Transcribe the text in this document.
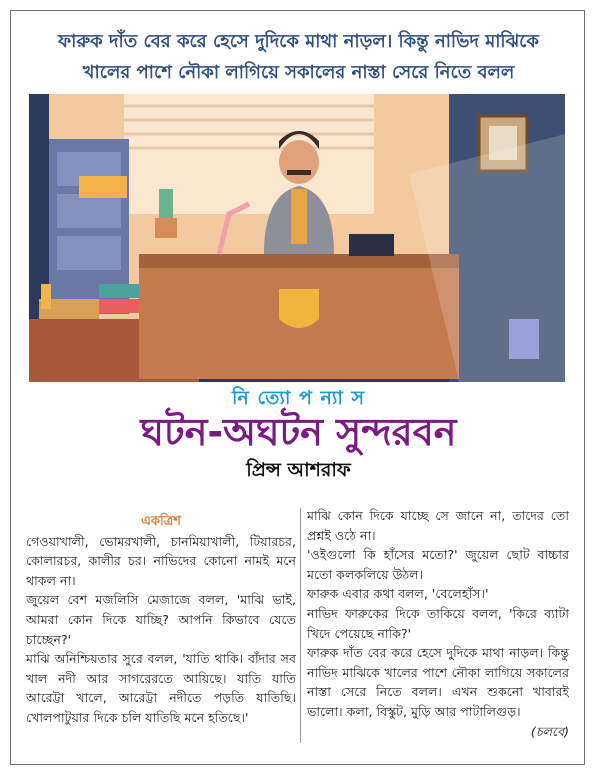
ফারুক দাঁত বের করে হেসে দুদিকে মাথা নাড়ল। কিন্তু নাভিদ মাঝিকে
খালের পাশে নৌকা লাগিয়ে সকালের নাস্তা সেরে নিতে বলল
নি ত্যো প ন্যা স
ঘটন-অঘটন সুন্দরবন
প্রিন্স আশরাফ
একত্রিশ
গেওয়াখালী, ভোমরখালী, চানমিয়াখালী, টিয়ারচর, কোলারচর, কালীর চর। নাভিদের কোনো নামই মনে থাকল না।
জুয়েল বেশ মজলিসি মেজাজে বলল, 'মাঝি ভাই, আমরা কোন দিকে যাচ্ছি? আপনি কিভাবে যেতে চাচ্ছেন?'
মাঝি অনিশ্চিয়তার সুরে বলল, 'যাতি থাকি। বাঁদার সব খাল নদী আর সাগরেরতে আয়িছে। যাতি যাতি আরেট্টা খালে, আরেট্টা নদীতে পড়তি যাতিছি। খোলপাটুয়ার দিকে চলি যাতিছি মনে হতিছে।'
মাঝি কোন দিকে যাচ্ছে সে জানে না, তাদের তো প্রশ্নই ওঠে না।
'ওইগুলো কি হাঁসের মতো?' জুয়েল ছোট বাচ্চার মতো কলকলিয়ে উঠল।
ফারুক এবার কথা বলল, 'বেলেহাঁস।'
নাভিদ ফারুকের দিকে তাকিয়ে বলল, 'কিরে ব্যাটা খিদে পেয়েছে নাকি?'
ফারুক দাঁত বের করে হেসে দুদিকে মাথা নাড়ল। কিন্তু নাভিদ মাঝিকে খালের পাশে নৌকা লাগিয়ে সকালের নাস্তা সেরে নিতে বলল। এখন শুকনো খাবারই ভালো। কলা, বিস্কুট, মুড়ি আর পাটালিগুড়।
(চলবে)
